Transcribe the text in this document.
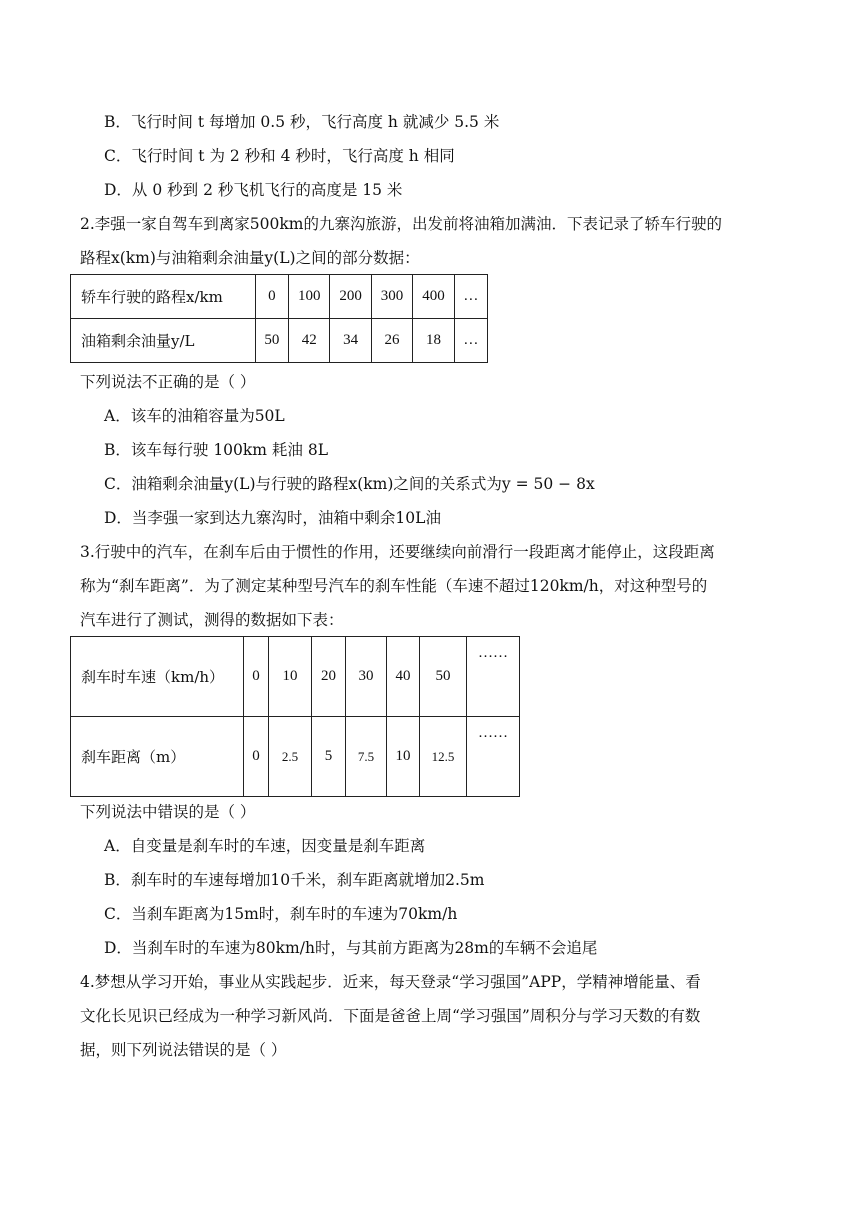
B．飞行时间 t 每增加 0.5 秒，飞行高度 h 就减少 5.5 米
C．飞行时间 t 为 2 秒和 4 秒时，飞行高度 h 相同
D．从 0 秒到 2 秒飞机飞行的高度是 15 米
2.李强一家自驾车到离家500km的九寨沟旅游，出发前将油箱加满油．下表记录了轿车行驶的
路程x(km)与油箱剩余油量y(L)之间的部分数据：
轿车行驶的路程x/km	0	100	200	300	400	…
油箱剩余油量y/L	50	42	34	26	18	…
下列说法不正确的是（ ）
A．该车的油箱容量为50L
B．该车每行驶 100km 耗油 8L
C．油箱剩余油量y(L)与行驶的路程x(km)之间的关系式为y = 50 − 8x
D．当李强一家到达九寨沟时，油箱中剩余10L油
3.行驶中的汽车，在刹车后由于惯性的作用，还要继续向前滑行一段距离才能停止，这段距离
称为“刹车距离”．为了测定某种型号汽车的刹车性能（车速不超过120km/h，对这种型号的
汽车进行了测试，测得的数据如下表：
刹车时车速（km/h）	0	10	20	30	40	50	……
刹车距离（m）	0	2.5	5	7.5	10	12.5	……
下列说法中错误的是（ ）
A．自变量是刹车时的车速，因变量是刹车距离
B．刹车时的车速每增加10千米，刹车距离就增加2.5m
C．当刹车距离为15m时，刹车时的车速为70km/h
D．当刹车时的车速为80km/h时，与其前方距离为28m的车辆不会追尾
4.梦想从学习开始，事业从实践起步．近来，每天登录“学习强国”APP，学精神增能量、看
文化长见识已经成为一种学习新风尚．下面是爸爸上周“学习强国”周积分与学习天数的有数
据，则下列说法错误的是（ ）
